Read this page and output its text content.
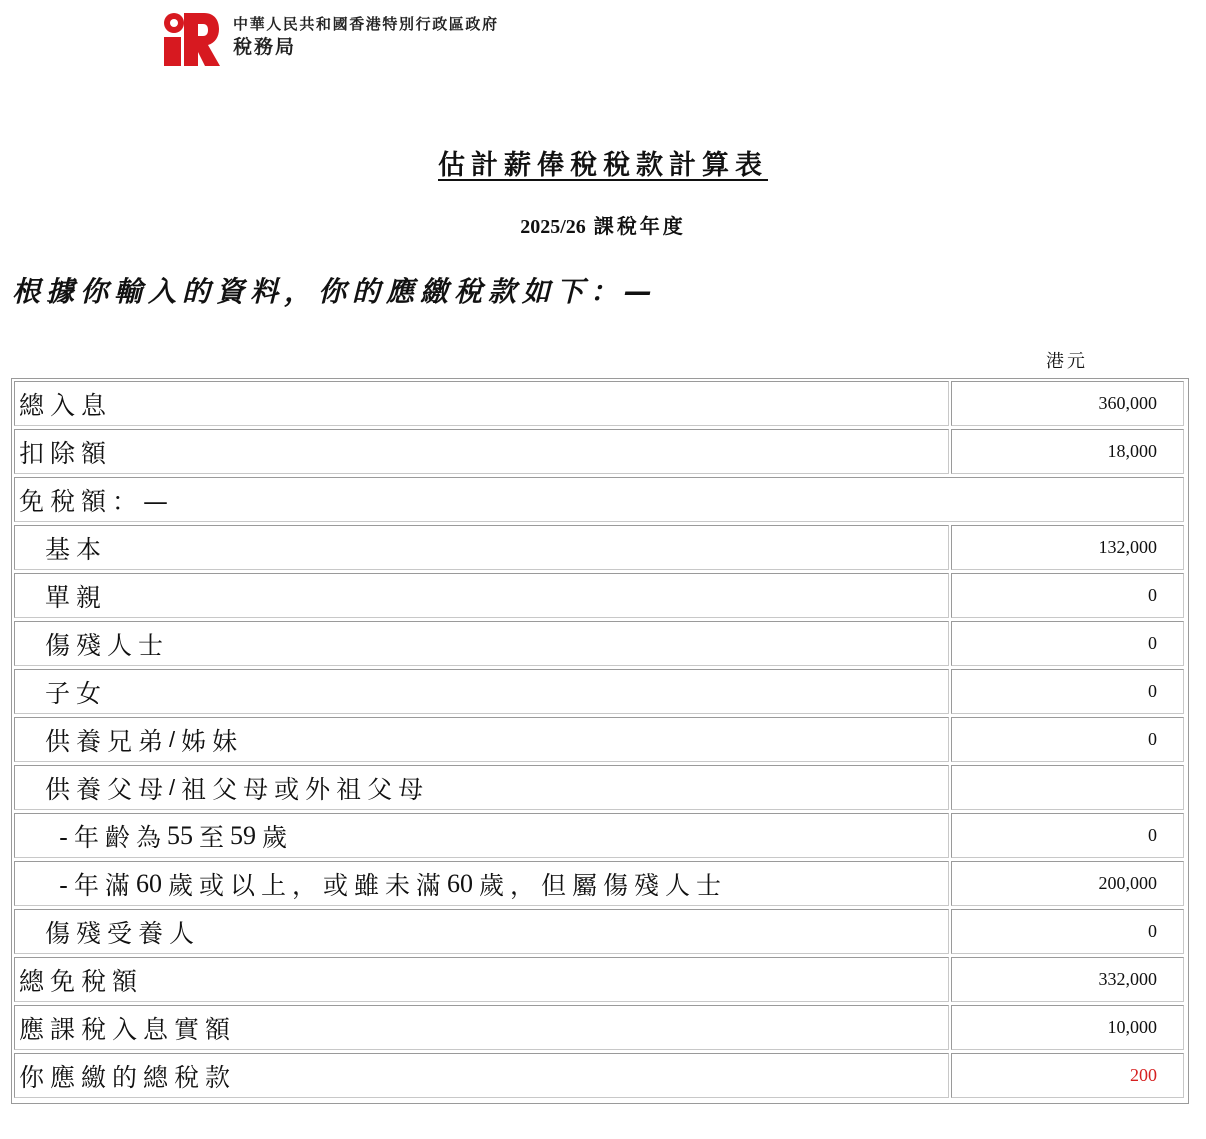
中華人民共和國香港特別行政區政府
稅務局
估計薪俸稅稅款計算表
2025/26 課稅年度
根據你輸入的資料，你的應繳稅款如下：—
港元
總入息	360,000
扣除額	18,000
免稅額：—
基本	132,000
單親	0
傷殘人士	0
子女	0
供養兄弟 / 姊妹	0
供養父母 / 祖父母或外祖父母
-年齡為 55 至 59 歲	0
-年滿 60 歲或以上，或雖未滿 60 歲，但屬傷殘人士	200,000
傷殘受養人	0
總免稅額	332,000
應課稅入息實額	10,000
你應繳的總稅款	200
